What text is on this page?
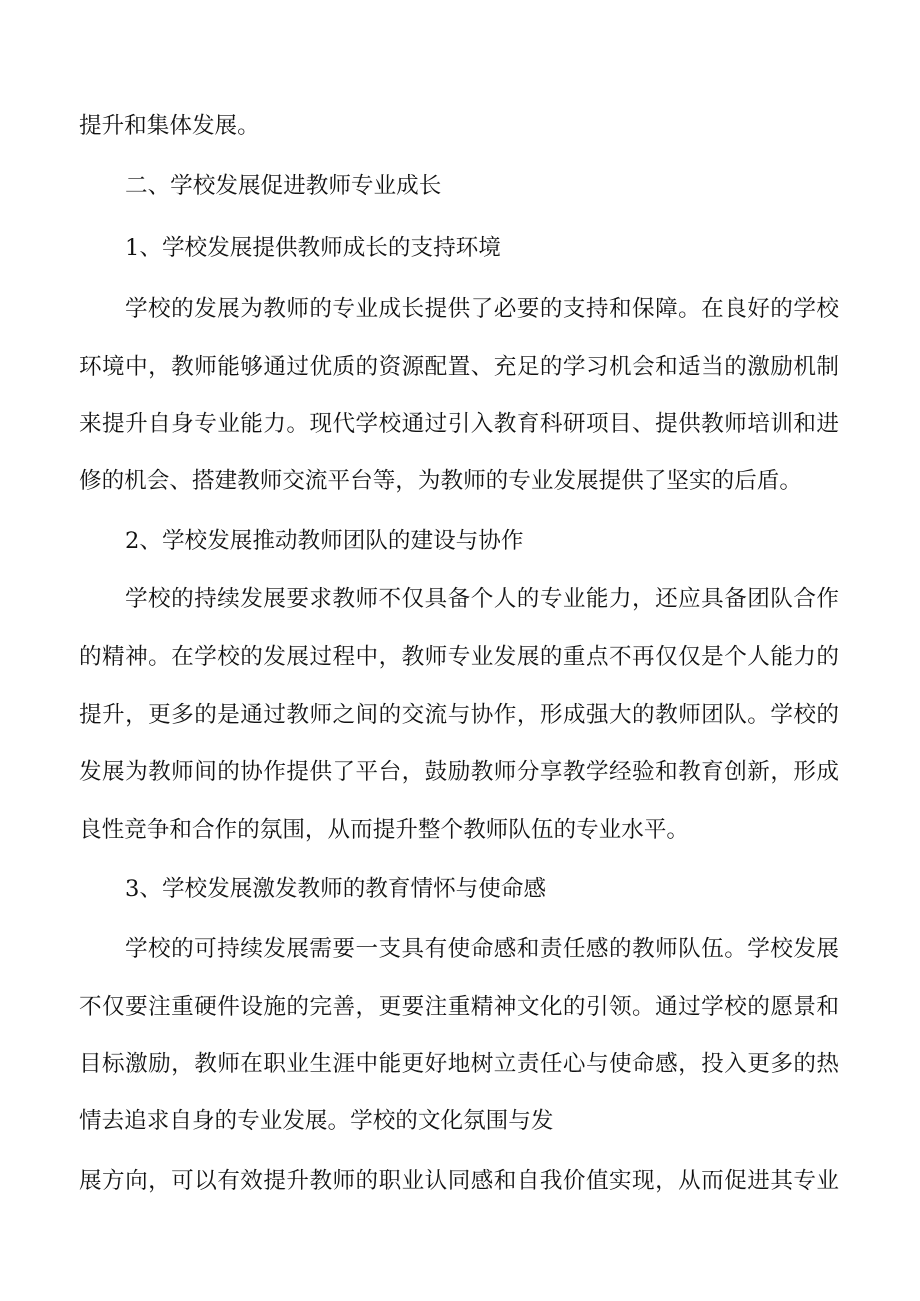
提升和集体发展。
二、学校发展促进教师专业成长
1、学校发展提供教师成长的支持环境
学校的发展为教师的专业成长提供了必要的支持和保障。在良好的学校
环境中，教师能够通过优质的资源配置、充足的学习机会和适当的激励机制
来提升自身专业能力。现代学校通过引入教育科研项目、提供教师培训和进
修的机会、搭建教师交流平台等，为教师的专业发展提供了坚实的后盾。
2、学校发展推动教师团队的建设与协作
学校的持续发展要求教师不仅具备个人的专业能力，还应具备团队合作
的精神。在学校的发展过程中，教师专业发展的重点不再仅仅是个人能力的
提升，更多的是通过教师之间的交流与协作，形成强大的教师团队。学校的
发展为教师间的协作提供了平台，鼓励教师分享教学经验和教育创新，形成
良性竞争和合作的氛围，从而提升整个教师队伍的专业水平。
3、学校发展激发教师的教育情怀与使命感
学校的可持续发展需要一支具有使命感和责任感的教师队伍。学校发展
不仅要注重硬件设施的完善，更要注重精神文化的引领。通过学校的愿景和
目标激励，教师在职业生涯中能更好地树立责任心与使命感，投入更多的热
情去追求自身的专业发展。学校的文化氛围与发
展方向，可以有效提升教师的职业认同感和自我价值实现，从而促进其专业
